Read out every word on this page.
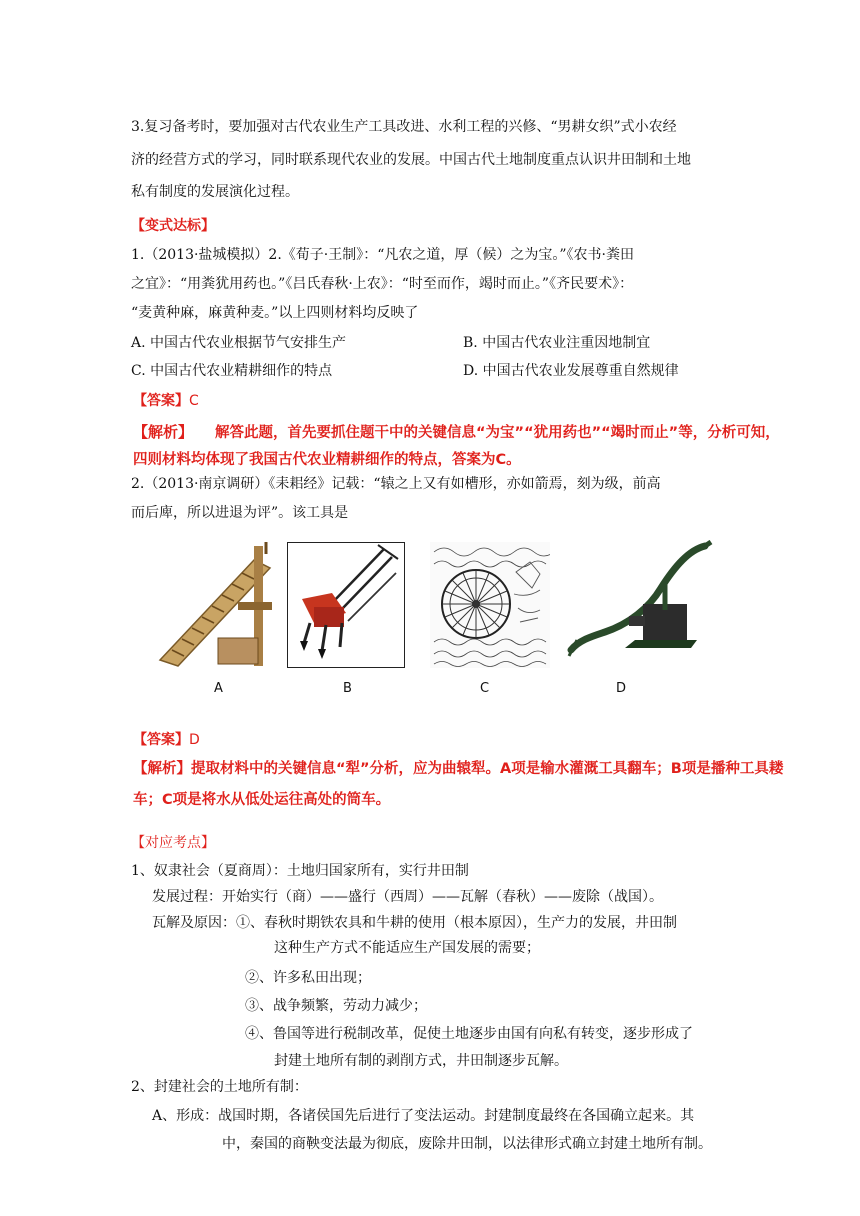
3.复习备考时，要加强对古代农业生产工具改进、水利工程的兴修、“男耕女织”式小农经
济的经营方式的学习，同时联系现代农业的发展。中国古代土地制度重点认识井田制和土地
私有制度的发展演化过程。
【变式达标】
1.（2013·盐城模拟）2.《荀子·王制》：“凡农之道，厚（候）之为宝。”《农书·粪田
之宜》：“用粪犹用药也。”《吕氏春秋·上农》：“时至而作，竭时而止。”《齐民要术》：
“麦黄种麻，麻黄种麦。”以上四则材料均反映了
A. 中国古代农业根据节气安排生产	B. 中国古代农业注重因地制宜
C. 中国古代农业精耕细作的特点	D. 中国古代农业发展尊重自然规律
【答案】C
【解析】 解答此题，首先要抓住题干中的关键信息“为宝”“犹用药也”“竭时而止”等，分析可知，
四则材料均体现了我国古代农业精耕细作的特点，答案为C。
2.（2013·南京调研）《耒耜经》记载：“辕之上又有如槽形，亦如箭焉，刻为级，前高
而后庳，所以进退为评”。该工具是
A	B	C	D
【答案】D
【解析】提取材料中的关键信息“犁”分析，应为曲辕犁。A项是输水灌溉工具翻车；B项是播种工具耧
车；C项是将水从低处运往高处的筒车。
【对应考点】
1、奴隶社会（夏商周）：土地归国家所有，实行井田制
发展过程：开始实行（商）——盛行（西周）——瓦解（春秋）——废除（战国）。
瓦解及原因：①、春秋时期铁农具和牛耕的使用（根本原因），生产力的发展，井田制
这种生产方式不能适应生产国发展的需要；
②、许多私田出现；
③、战争频繁，劳动力减少；
④、鲁国等进行税制改革，促使土地逐步由国有向私有转变，逐步形成了
封建土地所有制的剥削方式，井田制逐步瓦解。
2、封建社会的土地所有制：
A、形成：战国时期，各诸侯国先后进行了变法运动。封建制度最终在各国确立起来。其
中，秦国的商鞅变法最为彻底，废除井田制，以法律形式确立封建土地所有制。
